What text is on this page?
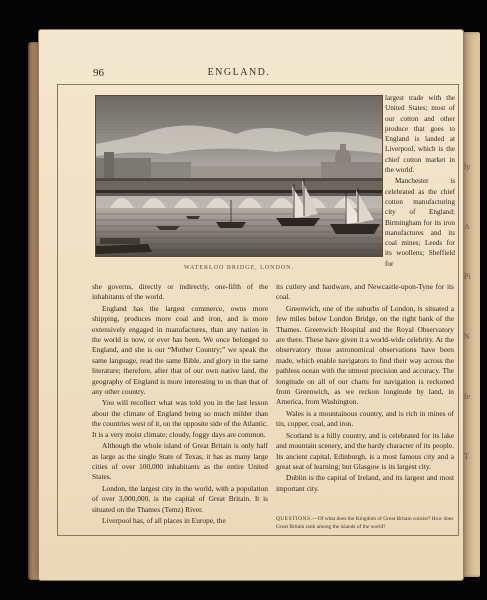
ly
A
Pi
N
fe
T
96	ENGLAND.
WATERLOO BRIDGE, LONDON.

largest trade with the United States; most of our cotton and other produce that goes to England is landed at Liverpool, which is the chief cotton market in the world.

Manchester is celebrated as the chief cotton manufacturing city of England; Birmingham for its iron manufactures and its coal mines; Leeds for its woollens; Sheffield for

she governs, directly or indirectly, one-fifth of the inhabitants of the world.

England has the largest commerce, owns more shipping, produces more coal and iron, and is more extensively engaged in manufactures, than any nation in the world is now, or ever has been. We once belonged to England, and she is our “Mother Country;” we speak the same language, read the same Bible, and glory in the same literature; therefore, after that of our own native land, the geography of England is more interesting to us than that of any other country.

You will recollect what was told you in the last lesson about the climate of England being so much milder than the countries west of it, on the opposite side of the Atlantic. It is a very moist climate; cloudy, foggy days are common.

Although the whole island of Great Britain is only half as large as the single State of Texas, it has as many large cities of over 100,000 inhabitants as the entire United States.

London, the largest city in the world, with a population of over 3,000,000, is the capital of Great Britain. It is situated on the Thames (Temz) River.

Liverpool has, of all places in Europe, the

its cutlery and hardware, and Newcastle-upon-Tyne for its coal.

Greenwich, one of the suburbs of London, is situated a few miles below London Bridge, on the right bank of the Thames. Greenwich Hospital and the Royal Observatory are there. These have given it a world-wide celebrity. At the observatory those astronomical observations have been made, which enable navigators to find their way across the pathless ocean with the utmost precision and accuracy. The longitude on all of our charts for navigation is reckoned from Greenwich, as we reckon longitude by land, in America, from Washington.

Wales is a mountainous country, and is rich in mines of tin, copper, coal, and iron.

Scotland is a hilly country, and is celebrated for its lake and mountain scenery, and the hardy character of its people. Its ancient capital, Edinburgh, is a most famous city and a great seat of learning; but Glasgow is its largest city.

Dublin is the capital of Ireland, and its largest and most important city.

QUESTIONS.—Of what does the Kingdom of Great Britain consist? How does Great Britain rank among the islands of the world?
